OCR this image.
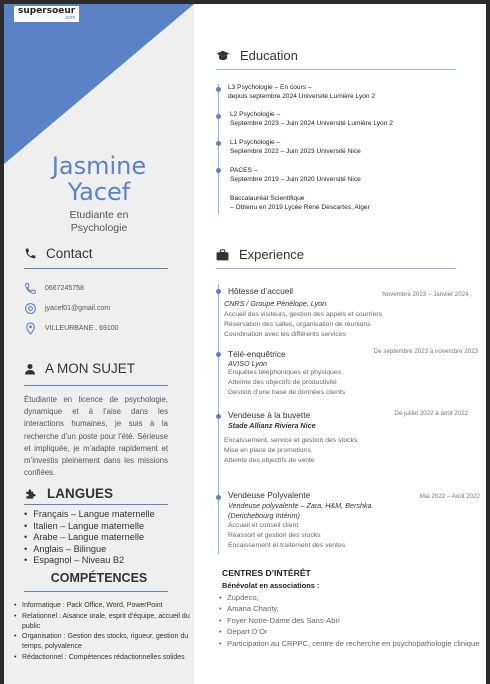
supersoeur
.com
Jasmine
Yacef
Etudiante en
Psychologie
Contact
0667245758
jyacef01@gmail.com
VILLEURBANE , 69100
A MON SUJET

Étudiante en licence de psychologie, dynamique et à l’aise dans les interactions humaines, je suis à la recherche d’un poste pour l’été. Sérieuse et impliquée, je m’adapte rapidement et m’investis pleinement dans les missions confiées.

LANGUES
• Français – Langue maternelle
• Italien – Langue maternelle
• Arabe – Langue maternelle
• Anglais – Bilingue
• Espagnol – Niveau B2
COMPÉTENCES
• Informatique : Pack Office, Word, PowerPoint
• Relationnel : Aisance orale, esprit d’équipe, accueil du public
• Organisation : Gestion des stocks, rigueur, gestion du temps, polyvalence
• Rédactionnel : Compétences rédactionnelles solides
Education
L3 Psychologie – En cours –
depuis septembre 2024 Université Lumière Lyon 2
L2 Psychologie –
Septembre 2023 – Juin 2024 Université Lumière Lyon 2
L1 Psychologie –
Septembre 2022 – Juin 2023 Université Nice
PACES –
Septembre 2019 – Juin 2020 Université Nice
Baccalauréat Scientifique
– Obtenu en 2019 Lycée René Descartes, Alger
Experience
Hôtesse d’accueil	Novembre 2023 – Janvier 2024 ,
CNRS / Groupe Pénélope, Lyon
Accueil des visiteurs, gestion des appels et courriers
Réservation des salles, organisation de réunions
Coordination avec les différents services
Télé-enquêtrice	De septembre 2023 à novembre 2023
AVISO Lyon
Enquêtes téléphoniques et physiques
Atteinte des objectifs de productivité
Gestion d’une base de données clients
Vendeuse à la buvette	De juillet 2022 à août 2022
Stade Allianz Riviera Nice
Encaissement, service et gestion des stocks
Mise en place de promotions
Atteinte des objectifs de vente
Vendeuse Polyvalente	Mai 2022 – Août 2022
Vendeuse polyvalente – Zara, H&M, Bershka
(Derichebourg Intérim)
Accueil et conseil client
Réassort et gestion des stocks
Encaissement et traitement des ventes
CENTRES D’INTÉRÊT
Bénévolat en associations :
• Zupdeco,
• Amana Charity,
• Foyer Notre-Dame des Sans-Abri
• Depart D’Or
• Participation au CRPPC, centre de recherche en psychopathologie clinique
